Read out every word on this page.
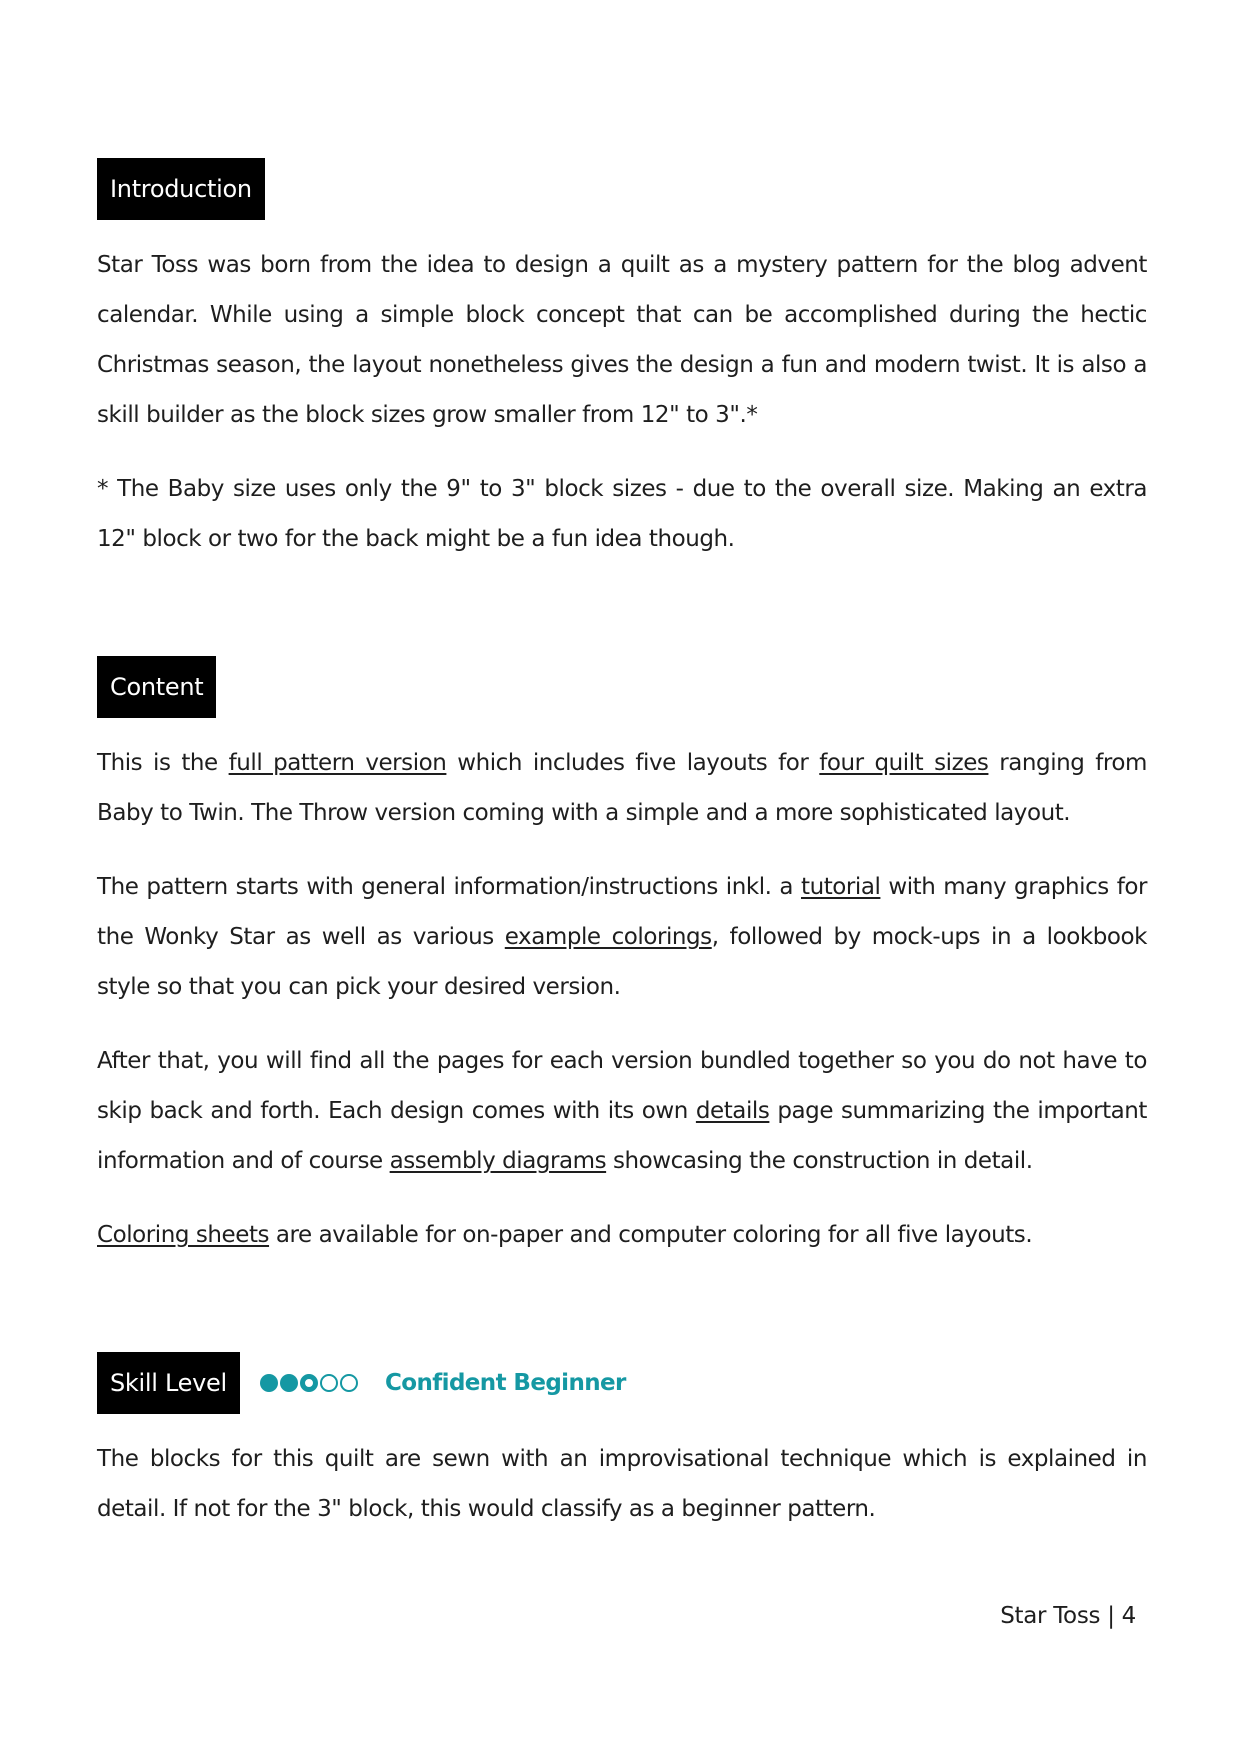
Introduction

Star Toss was born from the idea to design a quilt as a mystery pattern for the blog advent calendar. While using a simple block concept that can be accomplished during the hectic Christmas season, the layout nonetheless gives the design a fun and modern twist. It is also a skill builder as the block sizes grow smaller from 12" to 3".*

* The Baby size uses only the 9" to 3" block sizes - due to the overall size. Making an extra 12" block or two for the back might be a fun idea though.

Content

This is the full pattern version which includes five layouts for four quilt sizes ranging from Baby to Twin. The Throw version coming with a simple and a more sophisticated layout.

The pattern starts with general information/instructions inkl. a tutorial with many graphics for the Wonky Star as well as various example colorings, followed by mock-ups in a lookbook style so that you can pick your desired version.

After that, you will find all the pages for each version bundled together so you do not have to skip back and forth. Each design comes with its own details page summarizing the important information and of course assembly diagrams showcasing the construction in detail.

Coloring sheets are available for on-paper and computer coloring for all five layouts.

Skill Level	Confident Beginner

The blocks for this quilt are sewn with an improvisational technique which is explained in detail. If not for the 3" block, this would classify as a beginner pattern.

Star Toss | 4
